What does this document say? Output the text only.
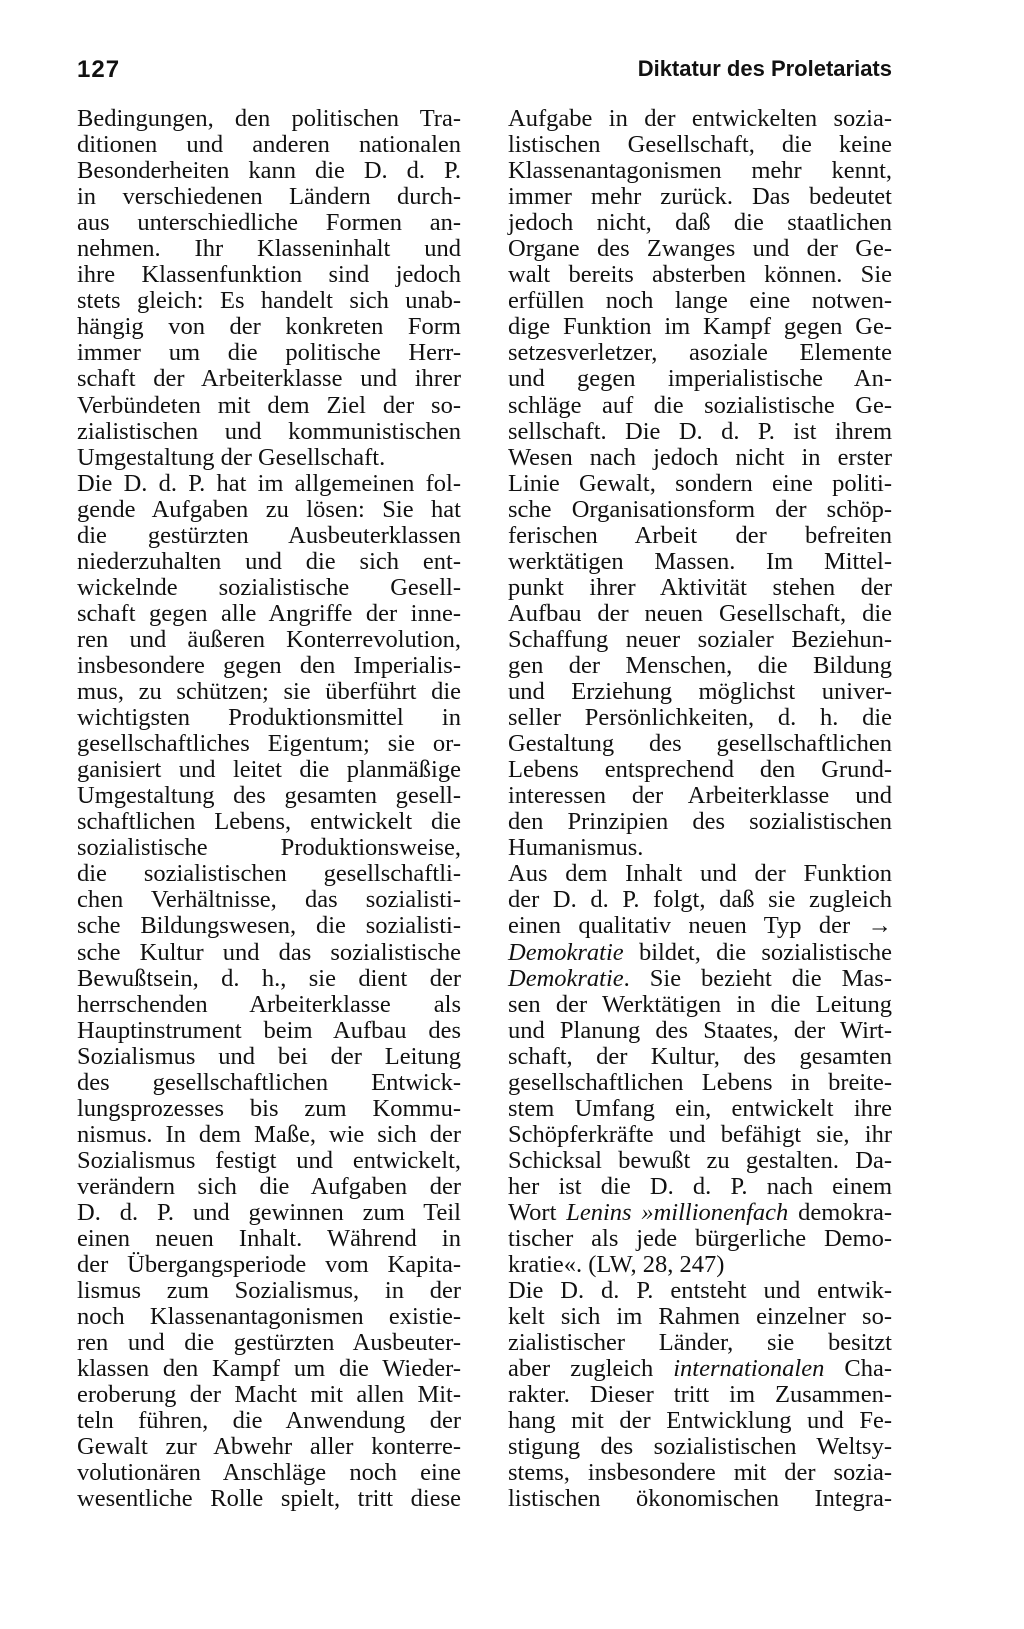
127	Diktatur des Proletariats
Bedingungen, den politischen Tra-
ditionen und anderen nationalen
Besonderheiten kann die D. d. P.
in verschiedenen Ländern durch-
aus unterschiedliche Formen an-
nehmen. Ihr Klasseninhalt und
ihre Klassenfunktion sind jedoch
stets gleich: Es handelt sich unab-
hängig von der konkreten Form
immer um die politische Herr-
schaft der Arbeiterklasse und ihrer
Verbündeten mit dem Ziel der so-
zialistischen und kommunistischen
Umgestaltung der Gesellschaft.
Die D. d. P. hat im allgemeinen fol-
gende Aufgaben zu lösen: Sie hat
die gestürzten Ausbeuterklassen
niederzuhalten und die sich ent-
wickelnde sozialistische Gesell-
schaft gegen alle Angriffe der inne-
ren und äußeren Konterrevolution,
insbesondere gegen den Imperialis-
mus, zu schützen; sie überführt die
wichtigsten Produktionsmittel in
gesellschaftliches Eigentum; sie or-
ganisiert und leitet die planmäßige
Umgestaltung des gesamten gesell-
schaftlichen Lebens, entwickelt die
sozialistische Produktionsweise,
die sozialistischen gesellschaftli-
chen Verhältnisse, das sozialisti-
sche Bildungswesen, die sozialisti-
sche Kultur und das sozialistische
Bewußtsein, d. h., sie dient der
herrschenden Arbeiterklasse als
Hauptinstrument beim Aufbau des
Sozialismus und bei der Leitung
des gesellschaftlichen Entwick-
lungsprozesses bis zum Kommu-
nismus. In dem Maße, wie sich der
Sozialismus festigt und entwickelt,
verändern sich die Aufgaben der
D. d. P. und gewinnen zum Teil
einen neuen Inhalt. Während in
der Übergangsperiode vom Kapita-
lismus zum Sozialismus, in der
noch Klassenantagonismen existie-
ren und die gestürzten Ausbeuter-
klassen den Kampf um die Wieder-
eroberung der Macht mit allen Mit-
teln führen, die Anwendung der
Gewalt zur Abwehr aller konterre-
volutionären Anschläge noch eine
wesentliche Rolle spielt, tritt diese
Aufgabe in der entwickelten sozia-
listischen Gesellschaft, die keine
Klassenantagonismen mehr kennt,
immer mehr zurück. Das bedeutet
jedoch nicht, daß die staatlichen
Organe des Zwanges und der Ge-
walt bereits absterben können. Sie
erfüllen noch lange eine notwen-
dige Funktion im Kampf gegen Ge-
setzesverletzer, asoziale Elemente
und gegen imperialistische An-
schläge auf die sozialistische Ge-
sellschaft. Die D. d. P. ist ihrem
Wesen nach jedoch nicht in erster
Linie Gewalt, sondern eine politi-
sche Organisationsform der schöp-
ferischen Arbeit der befreiten
werktätigen Massen. Im Mittel-
punkt ihrer Aktivität stehen der
Aufbau der neuen Gesellschaft, die
Schaffung neuer sozialer Beziehun-
gen der Menschen, die Bildung
und Erziehung möglichst univer-
seller Persönlichkeiten, d. h. die
Gestaltung des gesellschaftlichen
Lebens entsprechend den Grund-
interessen der Arbeiterklasse und
den Prinzipien des sozialistischen
Humanismus.
Aus dem Inhalt und der Funktion
der D. d. P. folgt, daß sie zugleich
einen qualitativ neuen Typ der →
Demokratie bildet, die sozialistische
Demokratie. Sie bezieht die Mas-
sen der Werktätigen in die Leitung
und Planung des Staates, der Wirt-
schaft, der Kultur, des gesamten
gesellschaftlichen Lebens in breite-
stem Umfang ein, entwickelt ihre
Schöpferkräfte und befähigt sie, ihr
Schicksal bewußt zu gestalten. Da-
her ist die D. d. P. nach einem
Wort Lenins »millionenfach demokra-
tischer als jede bürgerliche Demo-
kratie«. (LW, 28, 247)
Die D. d. P. entsteht und entwik-
kelt sich im Rahmen einzelner so-
zialistischer Länder, sie besitzt
aber zugleich internationalen Cha-
rakter. Dieser tritt im Zusammen-
hang mit der Entwicklung und Fe-
stigung des sozialistischen Weltsy-
stems, insbesondere mit der sozia-
listischen ökonomischen Integra-
